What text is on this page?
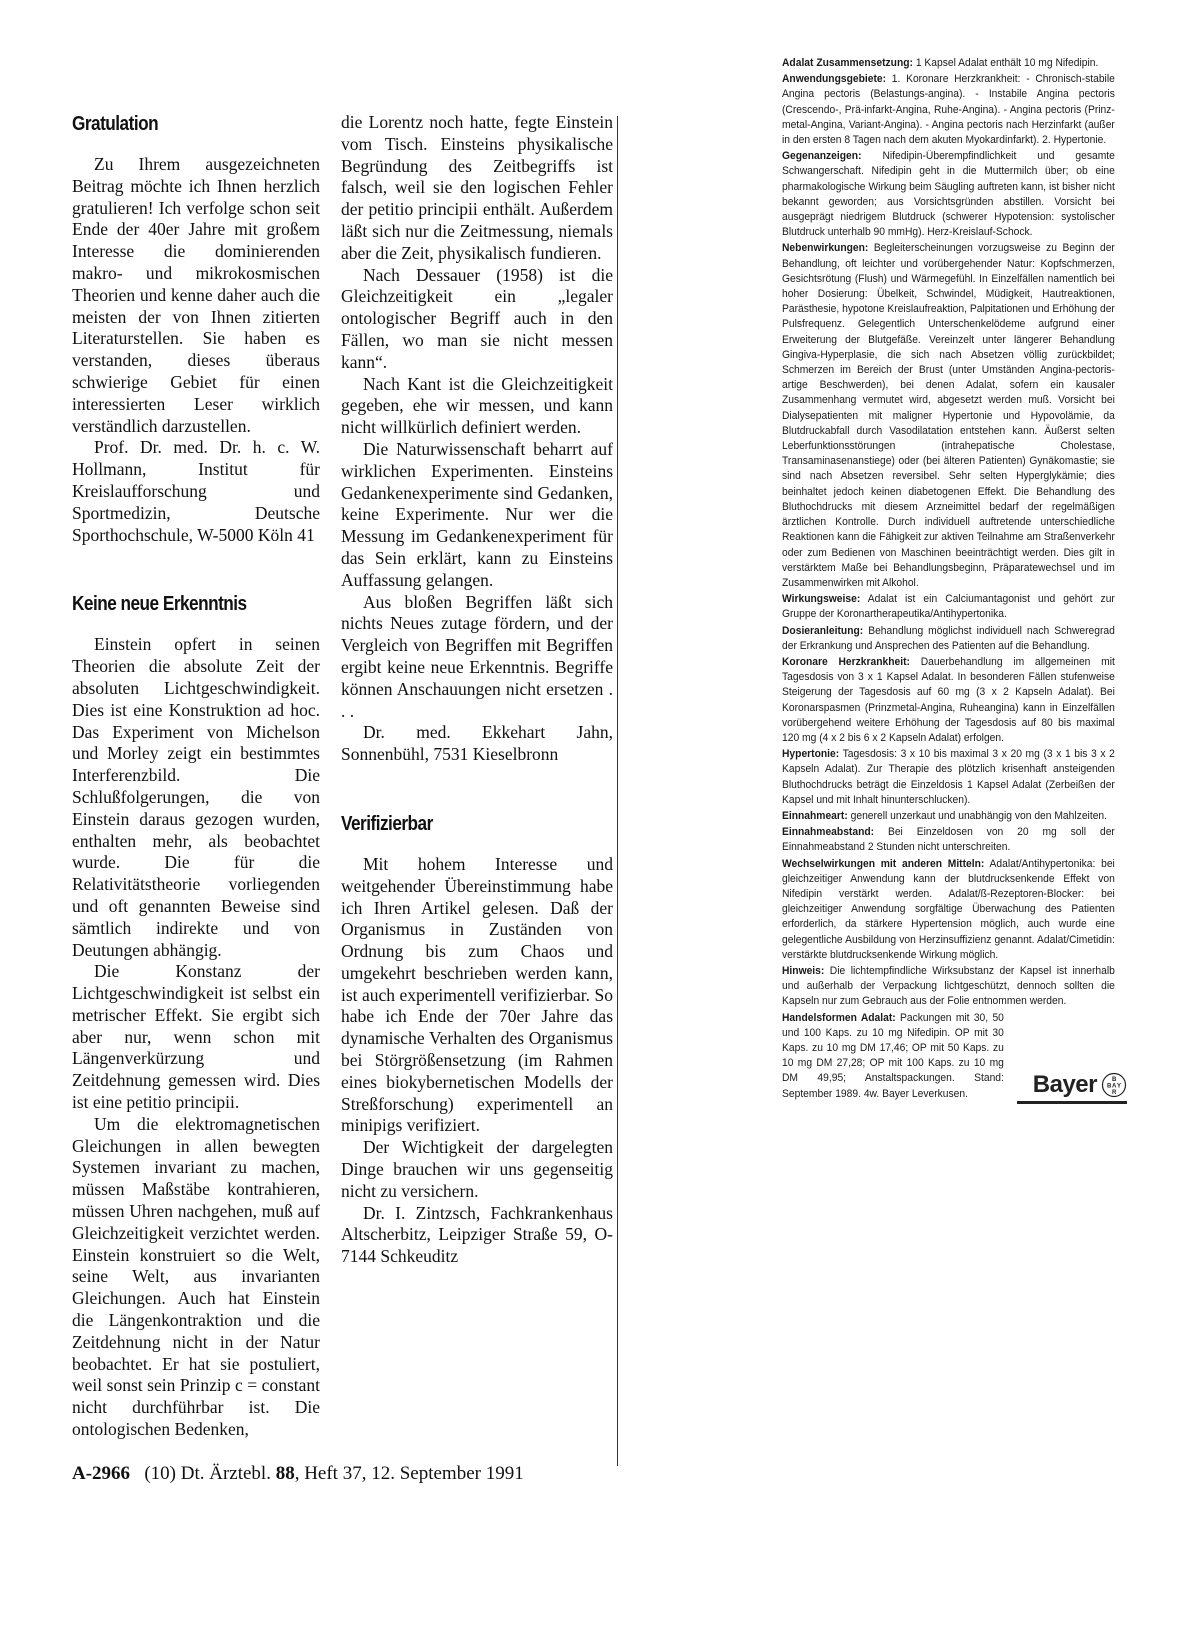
Gratulation

Zu Ihrem ausgezeichneten Beitrag möchte ich Ihnen herzlich gratulieren! Ich verfolge schon seit Ende der 40er Jahre mit großem Interesse die dominierenden makro- und mikrokosmischen Theorien und kenne daher auch die meisten der von Ihnen zitierten Literaturstellen. Sie haben es verstanden, dieses überaus schwierige Gebiet für einen interessierten Leser wirklich verständlich darzustellen.

Prof. Dr. med. Dr. h. c. W. Hollmann, Institut für Kreislaufforschung und Sportmedizin, Deutsche Sporthochschule, W-5000 Köln 41

Keine neue Erkenntnis

Einstein opfert in seinen Theorien die absolute Zeit der absoluten Lichtgeschwindigkeit. Dies ist eine Konstruktion ad hoc. Das Experiment von Michelson und Morley zeigt ein bestimmtes Interferenzbild. Die Schlußfolgerungen, die von Einstein daraus gezogen wurden, enthalten mehr, als beobachtet wurde. Die für die Relativitätstheorie vorliegenden und oft genannten Beweise sind sämtlich indirekte und von Deutungen abhängig.

Die Konstanz der Lichtgeschwindigkeit ist selbst ein metrischer Effekt. Sie ergibt sich aber nur, wenn schon mit Längenverkürzung und Zeitdehnung gemessen wird. Dies ist eine petitio principii.

Um die elektromagnetischen Gleichungen in allen bewegten Systemen invariant zu machen, müssen Maßstäbe kontrahieren, müssen Uhren nachgehen, muß auf Gleichzeitigkeit verzichtet werden. Einstein konstruiert so die Welt, seine Welt, aus invarianten Gleichungen. Auch hat Einstein die Längenkontraktion und die Zeitdehnung nicht in der Natur beobachtet. Er hat sie postuliert, weil sonst sein Prinzip c = constant nicht durchführbar ist. Die ontologischen Bedenken,

die Lorentz noch hatte, fegte Einstein vom Tisch. Einsteins physikalische Begründung des Zeitbegriffs ist falsch, weil sie den logischen Fehler der petitio principii enthält. Außerdem läßt sich nur die Zeitmessung, niemals aber die Zeit, physikalisch fundieren.

Nach Dessauer (1958) ist die Gleichzeitigkeit ein „legaler ontologischer Begriff auch in den Fällen, wo man sie nicht messen kann“.

Nach Kant ist die Gleichzeitigkeit gegeben, ehe wir messen, und kann nicht willkürlich definiert werden.

Die Naturwissenschaft beharrt auf wirklichen Experimenten. Einsteins Gedankenexperimente sind Gedanken, keine Experimente. Nur wer die Messung im Gedankenexperiment für das Sein erklärt, kann zu Einsteins Auffassung gelangen.

Aus bloßen Begriffen läßt sich nichts Neues zutage fördern, und der Vergleich von Begriffen mit Begriffen ergibt keine neue Erkenntnis. Begriffe können Anschauungen nicht ersetzen . . .

Dr. med. Ekkehart Jahn, Sonnenbühl, 7531 Kieselbronn

Verifizierbar

Mit hohem Interesse und weitgehender Übereinstimmung habe ich Ihren Artikel gelesen. Daß der Organismus in Zuständen von Ordnung bis zum Chaos und umgekehrt beschrieben werden kann, ist auch experimentell verifizierbar. So habe ich Ende der 70er Jahre das dynamische Verhalten des Organismus bei Störgrößensetzung (im Rahmen eines biokybernetischen Modells der Streßforschung) experimentell an minipigs verifiziert.

Der Wichtigkeit der dargelegten Dinge brauchen wir uns gegenseitig nicht zu versichern.

Dr. I. Zintzsch, Fachkrankenhaus Altscherbitz, Leipziger Straße 59, O-7144 Schkeuditz

Adalat Zusammensetzung: 1 Kapsel Adalat enthält 10 mg Nifedipin.

Anwendungsgebiete: 1. Koronare Herzkrankheit: - Chronisch-stabile Angina pectoris (Belastungs-angina). - Instabile Angina pectoris (Crescendo-, Prä-infarkt-Angina, Ruhe-Angina). - Angina pectoris (Prinz-metal-Angina, Variant-Angina). - Angina pectoris nach Herzinfarkt (außer in den ersten 8 Tagen nach dem akuten Myokardinfarkt). 2. Hypertonie.

Gegenanzeigen: Nifedipin-Überempfindlichkeit und gesamte Schwangerschaft. Nifedipin geht in die Muttermilch über; ob eine pharmakologische Wirkung beim Säugling auftreten kann, ist bisher nicht bekannt geworden; aus Vorsichtsgründen abstillen. Vorsicht bei ausgeprägt niedrigem Blutdruck (schwerer Hypotension: systolischer Blutdruck unterhalb 90 mmHg). Herz-Kreislauf-Schock.

Nebenwirkungen: Begleiterscheinungen vorzugsweise zu Beginn der Behandlung, oft leichter und vorübergehender Natur: Kopfschmerzen, Gesichtsrötung (Flush) und Wärmegefühl. In Einzelfällen namentlich bei hoher Dosierung: Übelkeit, Schwindel, Müdigkeit, Hautreaktionen, Parästhesie, hypotone Kreislaufreaktion, Palpitationen und Erhöhung der Pulsfrequenz. Gelegentlich Unterschenkelödeme aufgrund einer Erweiterung der Blutgefäße. Vereinzelt unter längerer Behandlung Gingiva-Hyperplasie, die sich nach Absetzen völlig zurückbildet; Schmerzen im Bereich der Brust (unter Umständen Angina-pectoris-artige Beschwerden), bei denen Adalat, sofern ein kausaler Zusammenhang vermutet wird, abgesetzt werden muß. Vorsicht bei Dialysepatienten mit maligner Hypertonie und Hypovolämie, da Blutdruckabfall durch Vasodilatation entstehen kann. Äußerst selten Leberfunktionsstörungen (intrahepatische Cholestase, Transaminasenanstiege) oder (bei älteren Patienten) Gynäkomastie; sie sind nach Absetzen reversibel. Sehr selten Hyperglykämie; dies beinhaltet jedoch keinen diabetogenen Effekt. Die Behandlung des Bluthochdrucks mit diesem Arzneimittel bedarf der regelmäßigen ärztlichen Kontrolle. Durch individuell auftretende unterschiedliche Reaktionen kann die Fähigkeit zur aktiven Teilnahme am Straßenverkehr oder zum Bedienen von Maschinen beeinträchtigt werden. Dies gilt in verstärktem Maße bei Behandlungsbeginn, Präparatewechsel und im Zusammenwirken mit Alkohol.

Wirkungsweise: Adalat ist ein Calciumantagonist und gehört zur Gruppe der Koronartherapeutika/Antihypertonika.

Dosieranleitung: Behandlung möglichst individuell nach Schweregrad der Erkrankung und Ansprechen des Patienten auf die Behandlung.

Koronare Herzkrankheit: Dauerbehandlung im allgemeinen mit Tagesdosis von 3 x 1 Kapsel Adalat. In besonderen Fällen stufenweise Steigerung der Tagesdosis auf 60 mg (3 x 2 Kapseln Adalat). Bei Koronarspasmen (Prinzmetal-Angina, Ruheangina) kann in Einzelfällen vorübergehend weitere Erhöhung der Tagesdosis auf 80 bis maximal 120 mg (4 x 2 bis 6 x 2 Kapseln Adalat) erfolgen.

Hypertonie: Tagesdosis: 3 x 10 bis maximal 3 x 20 mg (3 x 1 bis 3 x 2 Kapseln Adalat). Zur Therapie des plötzlich krisenhaft ansteigenden Bluthochdrucks beträgt die Einzeldosis 1 Kapsel Adalat (Zerbeißen der Kapsel und mit Inhalt hinunterschlucken).

Einnahmeart: generell unzerkaut und unabhängig von den Mahlzeiten.

Einnahmeabstand: Bei Einzeldosen von 20 mg soll der Einnahmeabstand 2 Stunden nicht unterschreiten.

Wechselwirkungen mit anderen Mitteln: Adalat/Antihypertonika: bei gleichzeitiger Anwendung kann der blutdrucksenkende Effekt von Nifedipin verstärkt werden. Adalat/ß-Rezeptoren-Blocker: bei gleichzeitiger Anwendung sorgfältige Überwachung des Patienten erforderlich, da stärkere Hypertension möglich, auch wurde eine gelegentliche Ausbildung von Herzinsuffizienz genannt. Adalat/Cimetidin: verstärkte blutdrucksenkende Wirkung möglich.

Hinweis: Die lichtempfindliche Wirksubstanz der Kapsel ist innerhalb und außerhalb der Verpackung lichtgeschützt, dennoch sollten die Kapseln nur zum Gebrauch aus der Folie entnommen werden.

Handelsformen Adalat: Packungen mit 30, 50 und 100 Kaps. zu 10 mg Nifedipin. OP mit 30 Kaps. zu 10 mg DM 17,46; OP mit 50 Kaps. zu 10 mg DM 27,28; OP mit 100 Kaps. zu 10 mg DM 49,95; Anstaltspackungen. Stand: September 1989. 4w. Bayer Leverkusen.	Bayer B A Y
B
R
A-2966 (10) Dt. Ärztebl. 88, Heft 37, 12. September 1991
